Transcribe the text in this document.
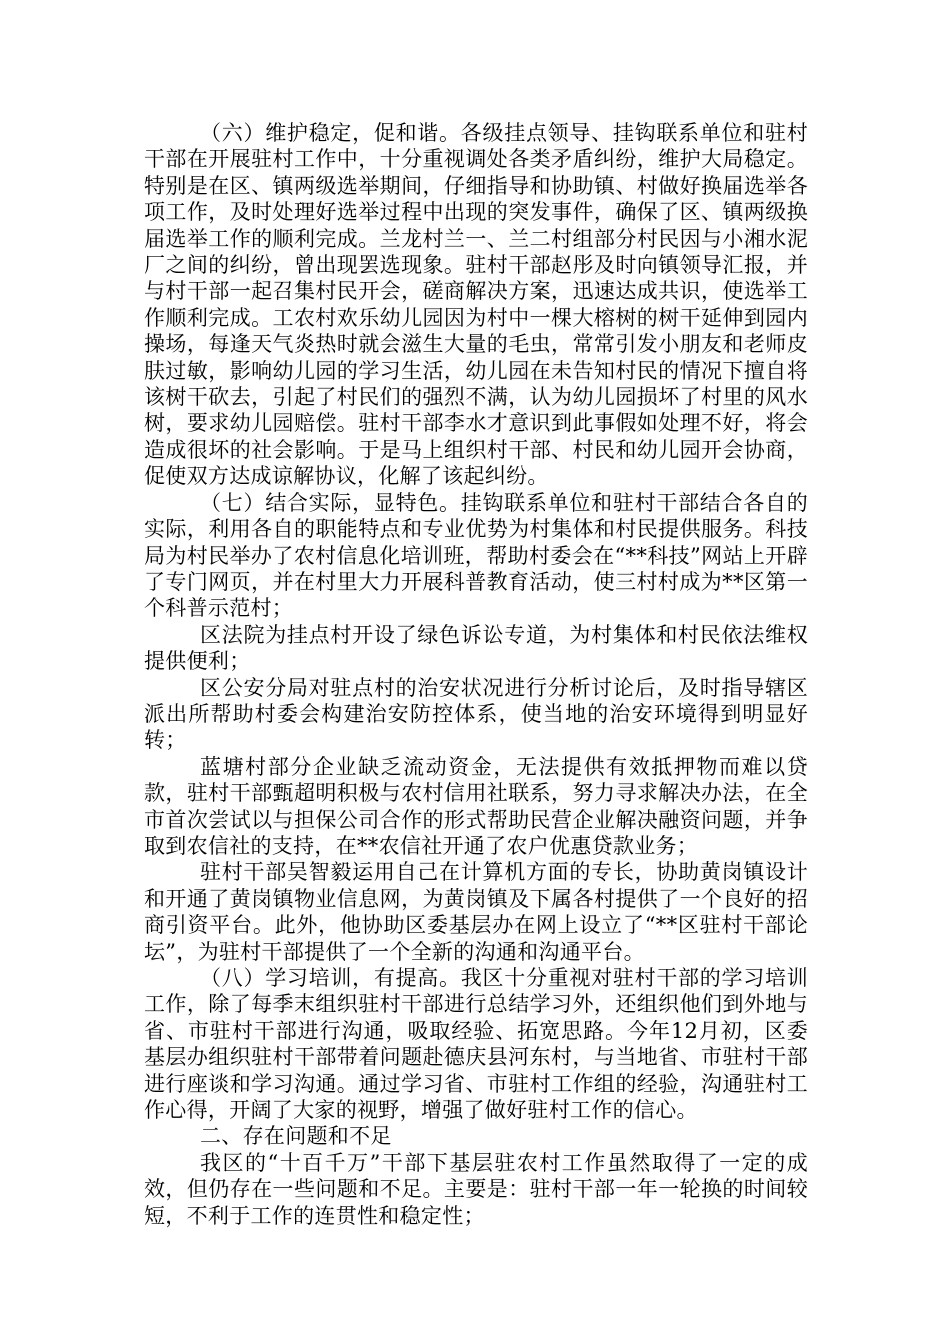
（六）维护稳定，促和谐。各级挂点领导、挂钩联系单位和驻村干部在开展驻村工作中，十分重视调处各类矛盾纠纷，维护大局稳定。特别是在区、镇两级选举期间，仔细指导和协助镇、村做好换届选举各项工作，及时处理好选举过程中出现的突发事件，确保了区、镇两级换届选举工作的顺利完成。兰龙村兰一、兰二村组部分村民因与小湘水泥厂之间的纠纷，曾出现罢选现象。驻村干部赵彤及时向镇领导汇报，并与村干部一起召集村民开会，磋商解决方案，迅速达成共识，使选举工作顺利完成。工农村欢乐幼儿园因为村中一棵大榕树的树干延伸到园内操场，每逢天气炎热时就会滋生大量的毛虫，常常引发小朋友和老师皮肤过敏，影响幼儿园的学习生活，幼儿园在未告知村民的情况下擅自将该树干砍去，引起了村民们的强烈不满，认为幼儿园损坏了村里的风水树，要求幼儿园赔偿。驻村干部李水才意识到此事假如处理不好，将会造成很坏的社会影响。于是马上组织村干部、村民和幼儿园开会协商，促使双方达成谅解协议，化解了该起纠纷。

（七）结合实际，显特色。挂钩联系单位和驻村干部结合各自的实际，利用各自的职能特点和专业优势为村集体和村民提供服务。科技局为村民举办了农村信息化培训班，帮助村委会在“**科技”网站上开辟了专门网页，并在村里大力开展科普教育活动，使三村村成为**区第一个科普示范村；

区法院为挂点村开设了绿色诉讼专道，为村集体和村民依法维权提供便利；

区公安分局对驻点村的治安状况进行分析讨论后，及时指导辖区派出所帮助村委会构建治安防控体系，使当地的治安环境得到明显好转；

蓝塘村部分企业缺乏流动资金，无法提供有效抵押物而难以贷款，驻村干部甄超明积极与农村信用社联系，努力寻求解决办法，在全市首次尝试以与担保公司合作的形式帮助民营企业解决融资问题，并争取到农信社的支持，在**农信社开通了农户优惠贷款业务；

驻村干部吴智毅运用自己在计算机方面的专长，协助黄岗镇设计和开通了黄岗镇物业信息网，为黄岗镇及下属各村提供了一个良好的招商引资平台。此外，他协助区委基层办在网上设立了“**区驻村干部论坛”，为驻村干部提供了一个全新的沟通和沟通平台。

（八）学习培训，有提高。我区十分重视对驻村干部的学习培训工作，除了每季末组织驻村干部进行总结学习外，还组织他们到外地与省、市驻村干部进行沟通，吸取经验、拓宽思路。今年12月初，区委基层办组织驻村干部带着问题赴德庆县河东村，与当地省、市驻村干部进行座谈和学习沟通。通过学习省、市驻村工作组的经验，沟通驻村工作心得，开阔了大家的视野，增强了做好驻村工作的信心。

二、存在问题和不足

我区的“十百千万”干部下基层驻农村工作虽然取得了一定的成效，但仍存在一些问题和不足。主要是：驻村干部一年一轮换的时间较短，不利于工作的连贯性和稳定性；
